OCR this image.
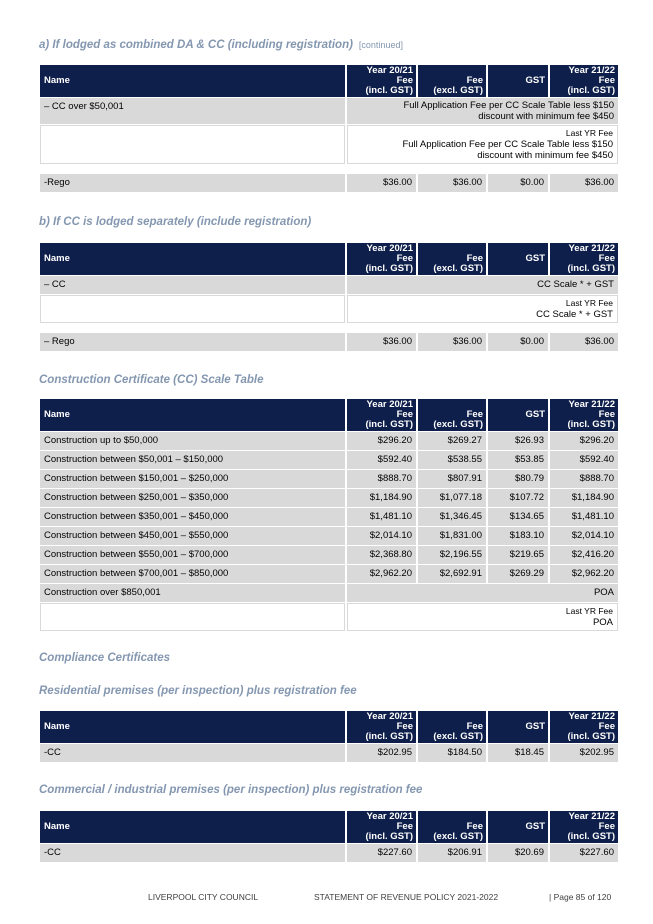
a) If lodged as combined DA & CC (including registration) [continued]
Name	Year 20/21
Fee
(incl. GST)	Fee
(excl. GST)	GST	Year 21/22
Fee
(incl. GST)
– CC over $50,001	Full Application Fee per CC Scale Table less $150
discount with minimum fee $450			
	Last YR Fee
Full Application Fee per CC Scale Table less $150
discount with minimum fee $450			

-Rego	$36.00	$36.00	$0.00	$36.00
b) If CC is lodged separately (include registration)
Name	Year 20/21
Fee
(incl. GST)	Fee
(excl. GST)	GST	Year 21/22
Fee
(incl. GST)
– CC	CC Scale * + GST			
	Last YR Fee
CC Scale * + GST			

– Rego	$36.00	$36.00	$0.00	$36.00
Construction Certificate (CC) Scale Table
Name	Year 20/21
Fee
(incl. GST)	Fee
(excl. GST)	GST	Year 21/22
Fee
(incl. GST)
Construction up to $50,000	$296.20	$269.27	$26.93	$296.20
Construction between $50,001 – $150,000	$592.40	$538.55	$53.85	$592.40
Construction between $150,001 – $250,000	$888.70	$807.91	$80.79	$888.70
Construction between $250,001 – $350,000	$1,184.90	$1,077.18	$107.72	$1,184.90
Construction between $350,001 – $450,000	$1,481.10	$1,346.45	$134.65	$1,481.10
Construction between $450,001 – $550,000	$2,014.10	$1,831.00	$183.10	$2,014.10
Construction between $550,001 – $700,000	$2,368.80	$2,196.55	$219.65	$2,416.20
Construction between $700,001 – $850,000	$2,962.20	$2,692.91	$269.29	$2,962.20
Construction over $850,001	POA			
	Last YR Fee
POA			
Compliance Certificates
Residential premises (per inspection) plus registration fee
Name	Year 20/21
Fee
(incl. GST)	Fee
(excl. GST)	GST	Year 21/22
Fee
(incl. GST)
-CC	$202.95	$184.50	$18.45	$202.95
Commercial / industrial premises (per inspection) plus registration fee
Name	Year 20/21
Fee
(incl. GST)	Fee
(excl. GST)	GST	Year 21/22
Fee
(incl. GST)
-CC	$227.60	$206.91	$20.69	$227.60
LIVERPOOL CITY COUNCIL	STATEMENT OF REVENUE POLICY 2021-2022	| Page 85 of 120
